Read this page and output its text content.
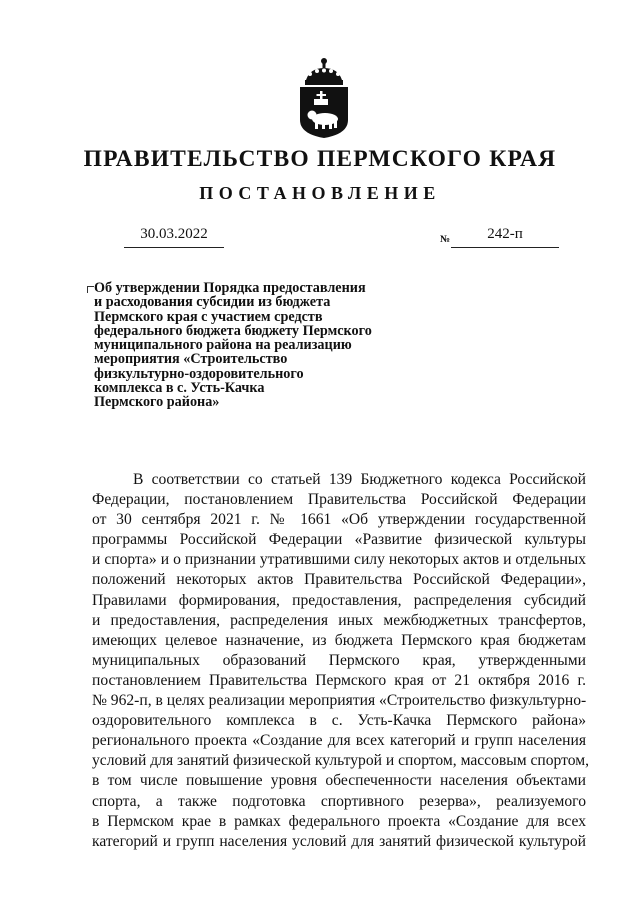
ПРАВИТЕЛЬСТВО ПЕРМСКОГО КРАЯ
ПОСТАНОВЛЕНИЕ
30.03.2022	№	242-п
Об утверждении Порядка предоставления
и расходования субсидии из бюджета
Пермского края с участием средств
федерального бюджета бюджету Пермского
муниципального района на реализацию
мероприятия «Строительство
физкультурно-оздоровительного
комплекса в с. Усть-Качка
Пермского района»
В соответствии со статьей 139 Бюджетного кодекса Российской
Федерации, постановлением Правительства Российской Федерации
от 30 сентября 2021 г. № 1661 «Об утверждении государственной
программы Российской Федерации «Развитие физической культуры
и спорта» и о признании утратившими силу некоторых актов и отдельных
положений некоторых актов Правительства Российской Федерации»,
Правилами формирования, предоставления, распределения субсидий
и предоставления, распределения иных межбюджетных трансфертов,
имеющих целевое назначение, из бюджета Пермского края бюджетам
муниципальных образований Пермского края, утвержденными
постановлением Правительства Пермского края от 21 октября 2016 г.
№ 962-п, в целях реализации мероприятия «Строительство физкультурно-
оздоровительного комплекса в с. Усть-Качка Пермского района»
регионального проекта «Создание для всех категорий и групп населения
условий для занятий физической культурой и спортом, массовым спортом,
в том числе повышение уровня обеспеченности населения объектами
спорта, а также подготовка спортивного резерва», реализуемого
в Пермском крае в рамках федерального проекта «Создание для всех
категорий и групп населения условий для занятий физической культурой
